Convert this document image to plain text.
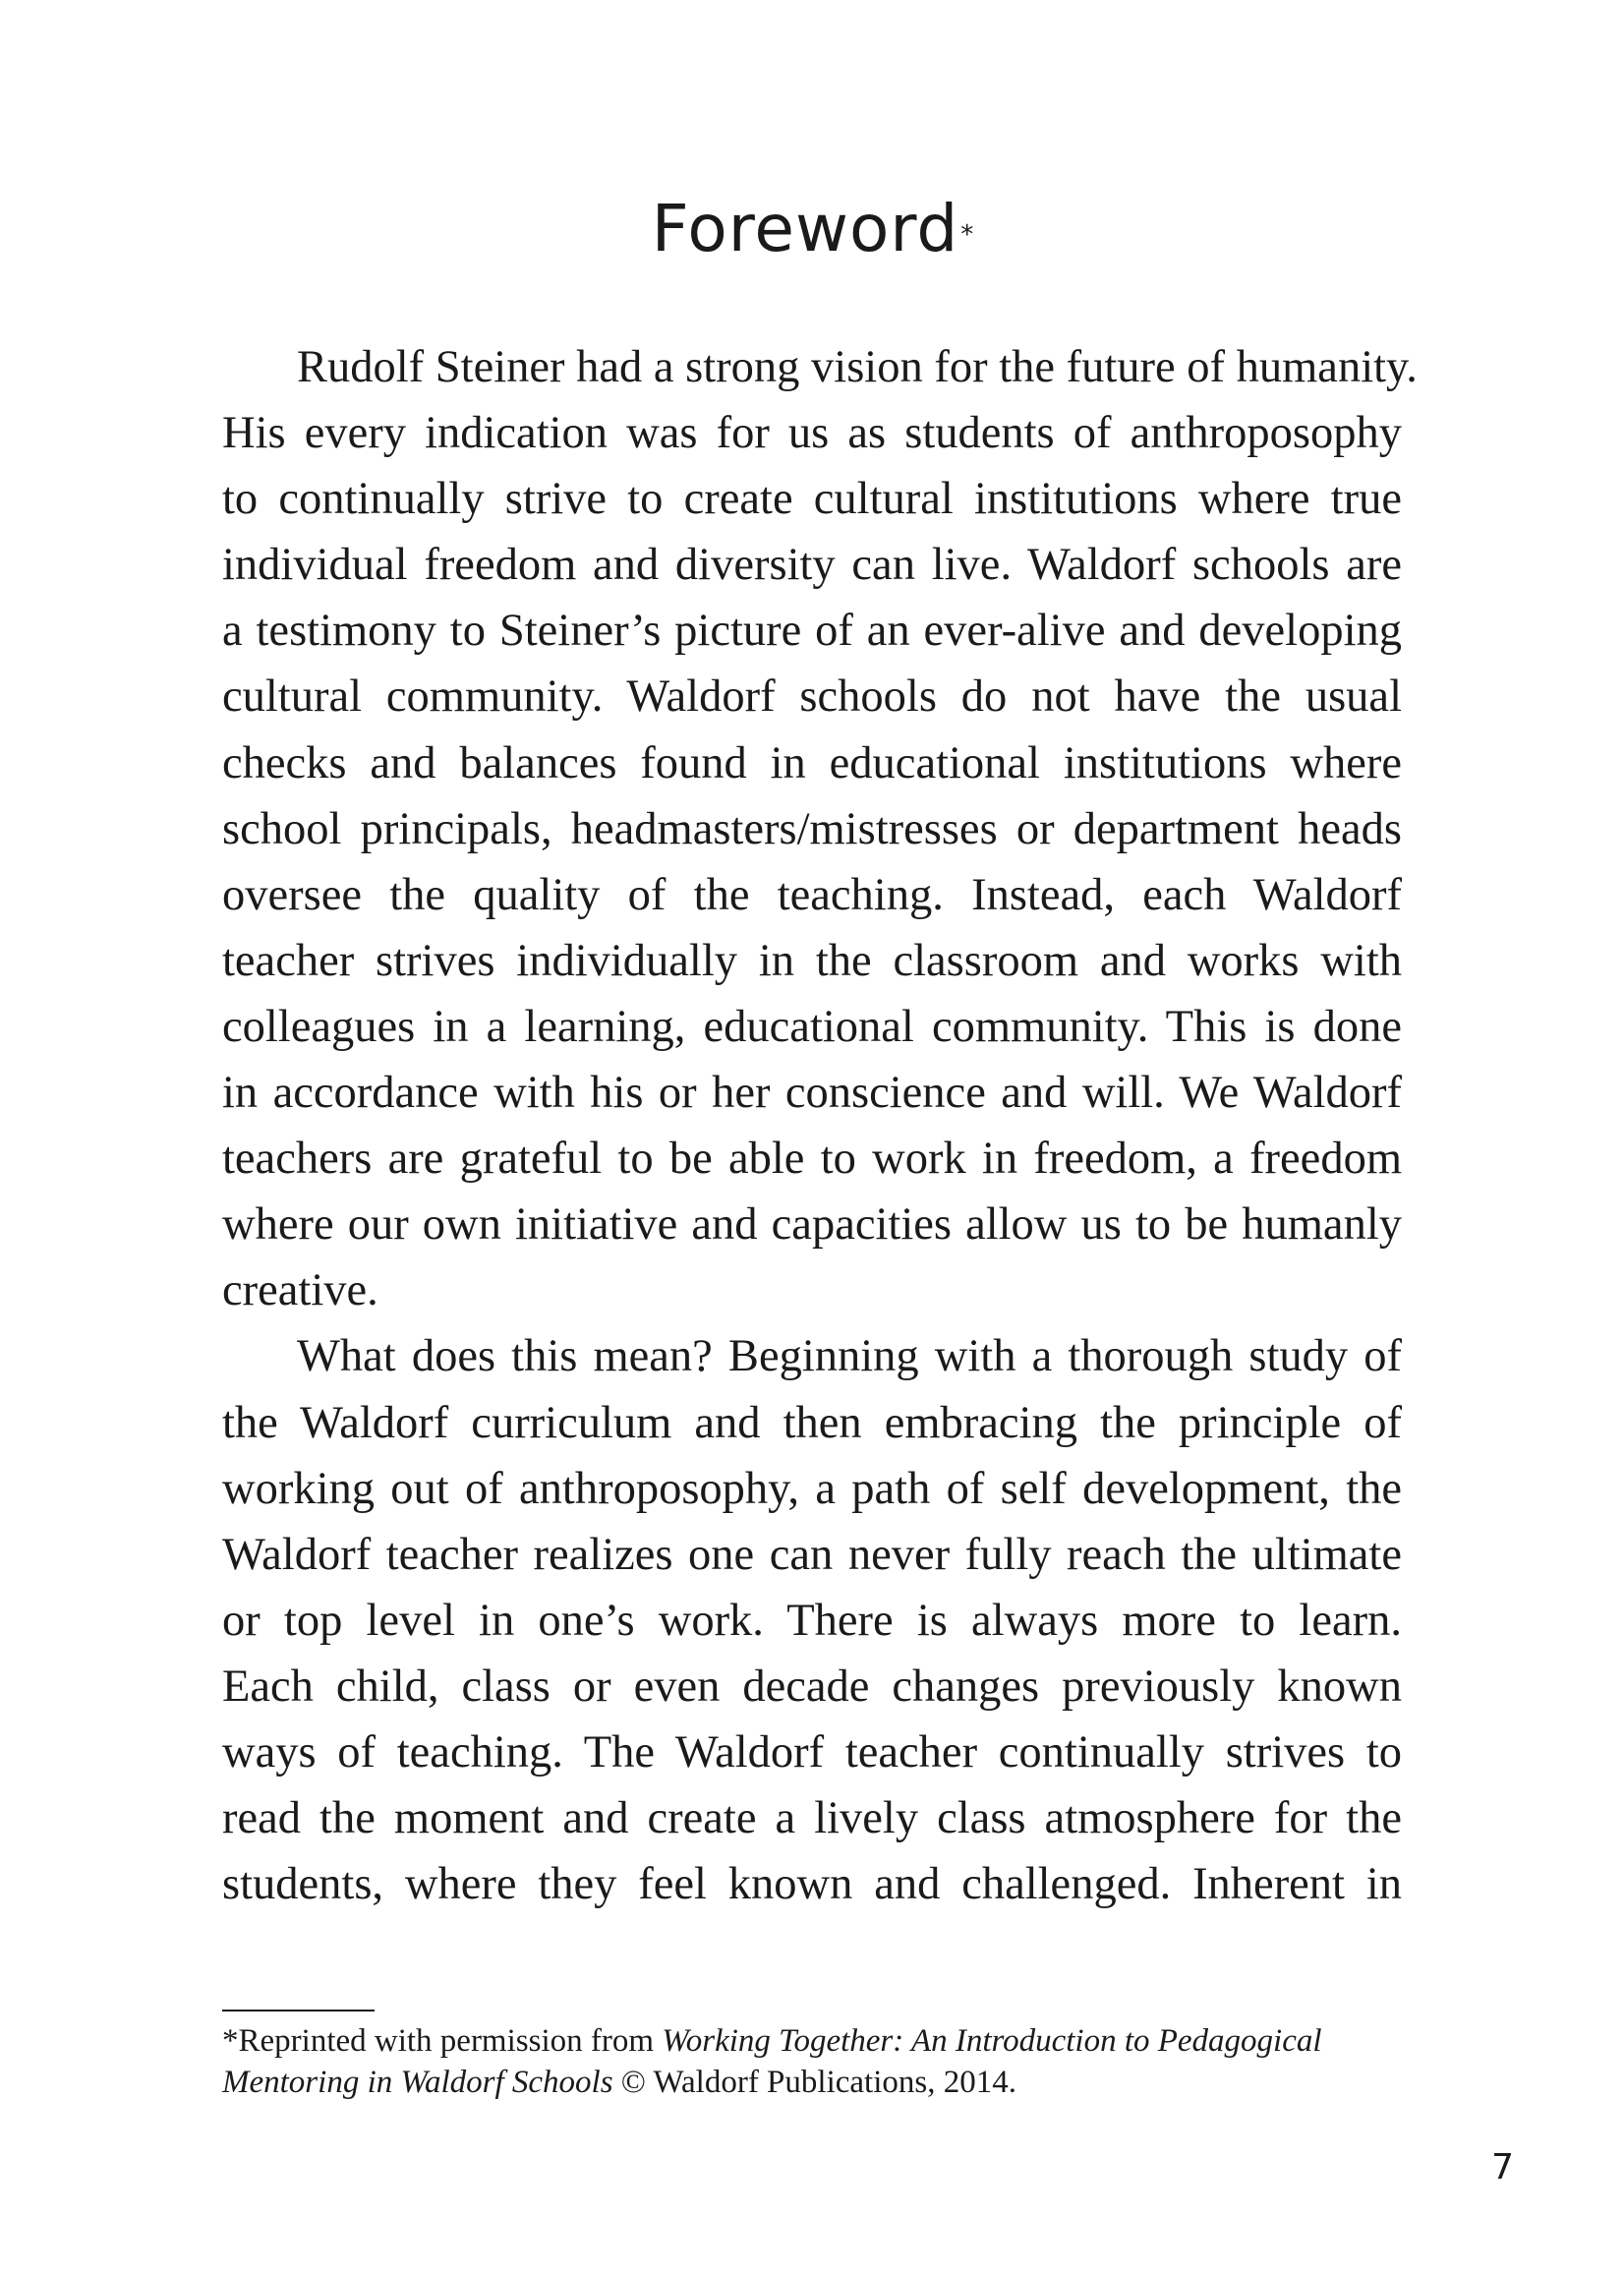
Foreword*
Rudolf Steiner had a strong vision for the future of humanity.
His every indication was for us as students of anthroposophy
to continually strive to create cultural institutions where true
individual freedom and diversity can live. Waldorf schools are
a testimony to Steiner’s picture of an ever-alive and developing
cultural community. Waldorf schools do not have the usual
checks and balances found in educational institutions where
school principals, headmasters/mistresses or department heads
oversee the quality of the teaching. Instead, each Waldorf
teacher strives individually in the classroom and works with
colleagues in a learning, educational community. This is done
in accordance with his or her conscience and will. We Waldorf
teachers are grateful to be able to work in freedom, a freedom
where our own initiative and capacities allow us to be humanly
creative.
What does this mean? Beginning with a thorough study of
the Waldorf curriculum and then embracing the principle of
working out of anthroposophy, a path of self development, the
Waldorf teacher realizes one can never fully reach the ultimate
or top level in one’s work. There is always more to learn.
Each child, class or even decade changes previously known
ways of teaching. The Waldorf teacher continually strives to
read the moment and create a lively class atmosphere for the
students, where they feel known and challenged. Inherent in
*Reprinted with permission from Working Together: An Introduction to Pedagogical
Mentoring in Waldorf Schools © Waldorf Publications, 2014.
7
